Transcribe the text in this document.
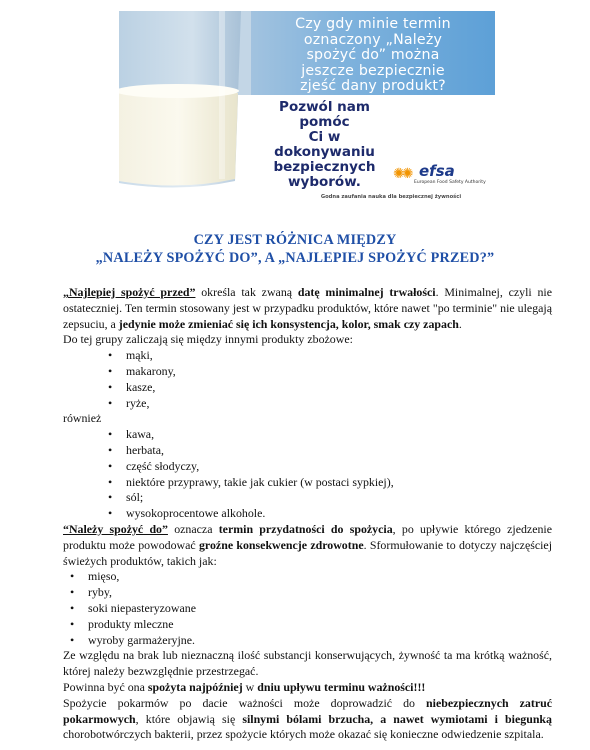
Czy gdy minie termin
oznaczony „Należy
spożyć do” można
jeszcze bezpiecznie
zjeść dany produkt?
Pozwól nam pomóc
Ci w dokonywaniu
bezpiecznych
wyborów.	✺✺ efsa
European Food Safety Authority
Godna zaufania nauka dla bezpiecznej żywności
CZY JEST RÓŻNICA MIĘDZY
„NALEŻY SPOŻYĆ DO”, A „NAJLEPIEJ SPOŻYĆ PRZED?”

„Najlepiej spożyć przed” określa tak zwaną datę minimalnej trwałości. Minimalnej, czyli nie ostateczniej. Ten termin stosowany jest w przypadku produktów, które nawet "po terminie" nie ulegają zepsuciu, a jedynie może zmieniać się ich konsystencja, kolor, smak czy zapach.

Do tej grupy zaliczają się między innymi produkty zbożowe:

• mąki,
• makarony,
• kasze,
• ryże,

również

• kawa,
• herbata,
• część słodyczy,
• niektóre przyprawy, takie jak cukier (w postaci sypkiej),
• sól;
• wysokoprocentowe alkohole.

“Należy spożyć do” oznacza termin przydatności do spożycia, po upływie którego zjedzenie produktu może powodować groźne konsekwencje zdrowotne. Sformułowanie to dotyczy najczęściej świeżych produktów, takich jak:

• mięso,
• ryby,
• soki niepasteryzowane
• produkty mleczne
• wyroby garmażeryjne.

Ze względu na brak lub nieznaczną ilość substancji konserwujących, żywność ta ma krótką ważność, której należy bezwzględnie przestrzegać.

Powinna być ona spożyta najpóźniej w dniu upływu terminu ważności!!!

Spożycie pokarmów po dacie ważności może doprowadzić do niebezpiecznych zatruć pokarmowych, które objawią się silnymi bólami brzucha, a nawet wymiotami i biegunką chorobotwórczych bakterii, przez spożycie których może okazać się konieczne odwiedzenie szpitala.
